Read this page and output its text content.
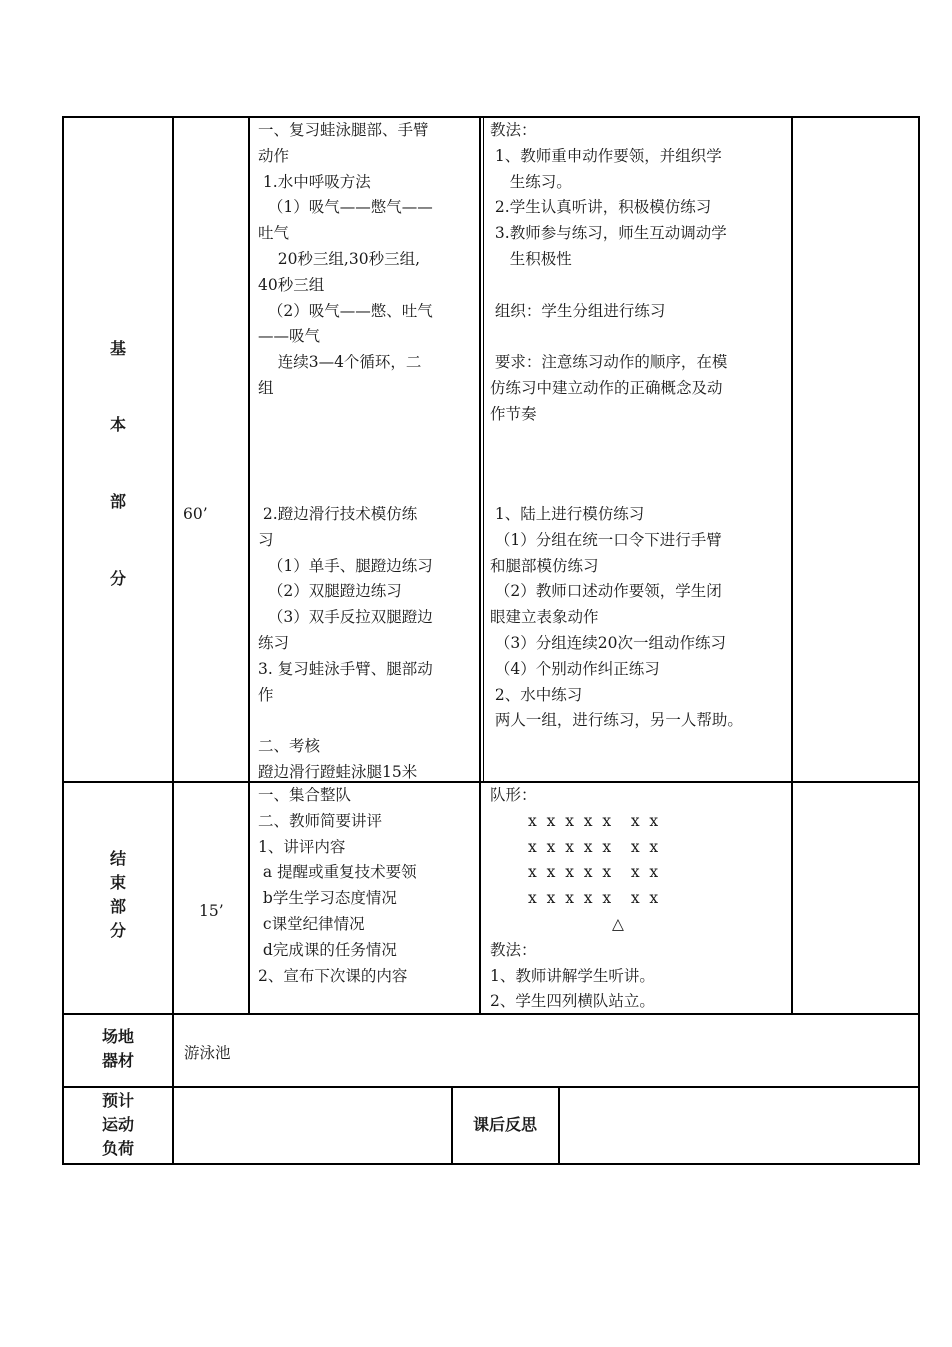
基
本
部
分
60’
一、复习蛙泳腿部、手臂
动作
1.水中呼吸方法
（1）吸气——憋气——
吐气
20秒三组,30秒三组,
40秒三组
（2）吸气——憋、吐气
——吸气
连续3—4个循环，二
组
2.蹬边滑行技术模仿练
习
（1）单手、腿蹬边练习
（2）双腿蹬边练习
（3）双手反拉双腿蹬边
练习
3. 复习蛙泳手臂、腿部动
作
二、考核
蹬边滑行蹬蛙泳腿15米
教法：
1、教师重申动作要领，并组织学
生练习。
2.学生认真听讲，积极模仿练习
3.教师参与练习，师生互动调动学
生积极性
组织：学生分组进行练习
要求：注意练习动作的顺序，在模
仿练习中建立动作的正确概念及动
作节奏
1、陆上进行模仿练习
（1）分组在统一口令下进行手臂
和腿部模仿练习
（2）教师口述动作要领，学生闭
眼建立表象动作
（3）分组连续20次一组动作练习
（4）个别动作纠正练习
2、水中练习
两人一组，进行练习，另一人帮助。
结
束
部
分
15’
一、集合整队
二、教师简要讲评
1、讲评内容
a 提醒或重复技术要领
b学生学习态度情况
c课堂纪律情况
d完成课的任务情况
2、宣布下次课的内容
队形：
x  x  x  x  x    x  x
x  x  x  x  x    x  x
x  x  x  x  x    x  x
x  x  x  x  x    x  x
△
教法：
1、教师讲解学生听讲。
2、学生四列横队站立。
场地
器材	游泳池
预计
运动
负荷
课后反思
